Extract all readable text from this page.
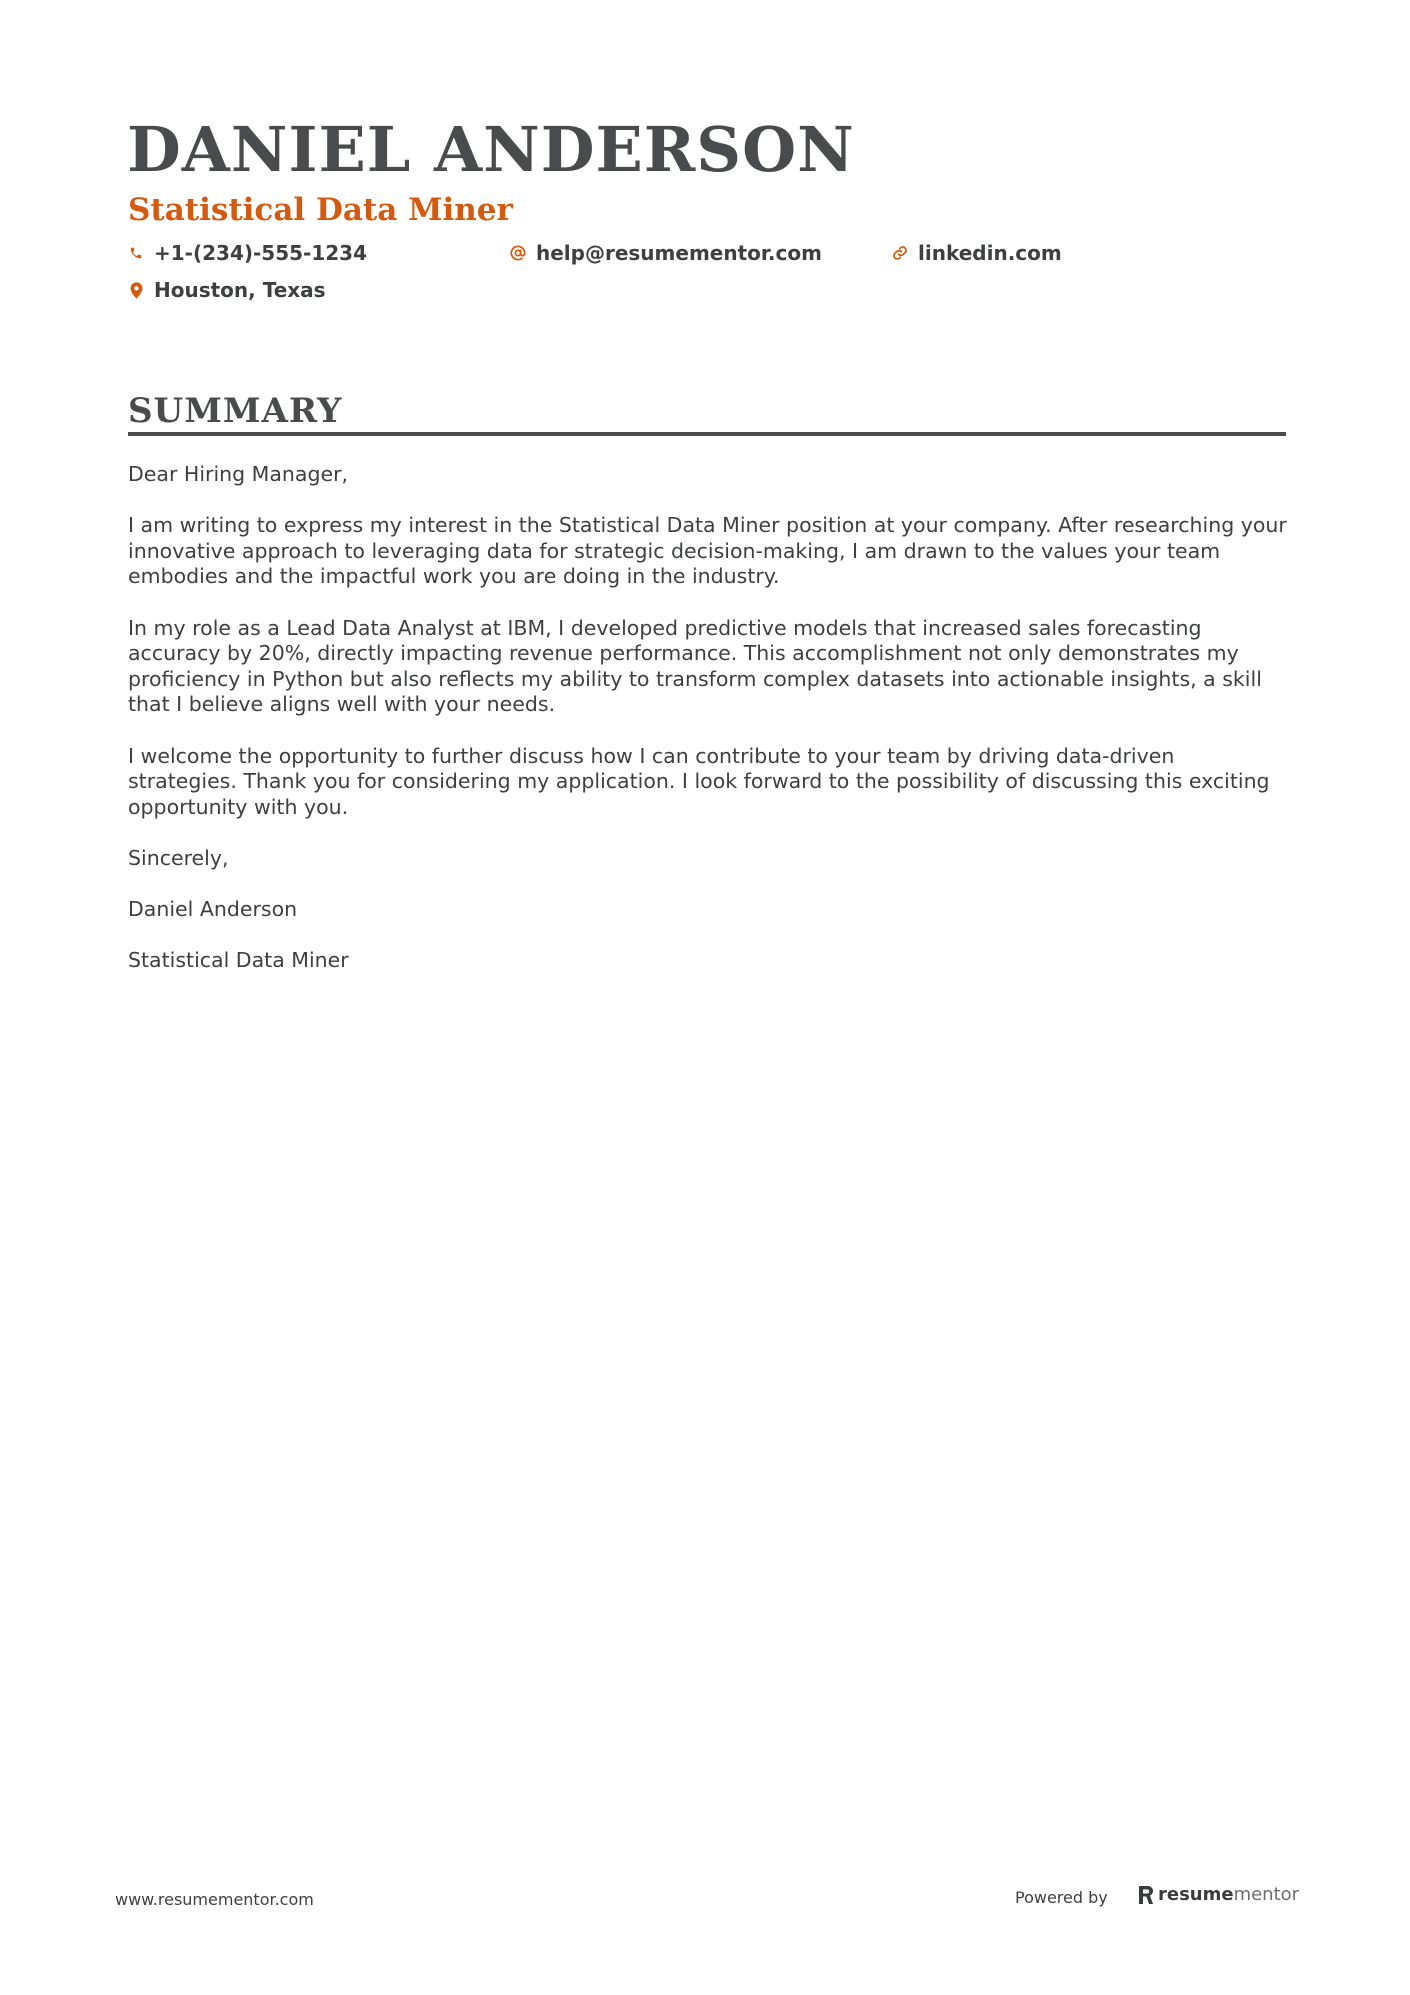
DANIEL ANDERSON
Statistical Data Miner
+1-(234)-555-1234	help@resumementor.com	linkedin.com
Houston, Texas
SUMMARY

Dear Hiring Manager,

I am writing to express my interest in the Statistical Data Miner position at your company. After researching your innovative approach to leveraging data for strategic decision-making, I am drawn to the values your team embodies and the impactful work you are doing in the industry.

In my role as a Lead Data Analyst at IBM, I developed predictive models that increased sales forecasting accuracy by 20%, directly impacting revenue performance. This accomplishment not only demonstrates my proficiency in Python but also reflects my ability to transform complex datasets into actionable insights, a skill that I believe aligns well with your needs.

I welcome the opportunity to further discuss how I can contribute to your team by driving data-driven strategies. Thank you for considering my application. I look forward to the possibility of discussing this exciting opportunity with you.

Sincerely,

Daniel Anderson

Statistical Data Miner

www.resumementor.com	Powered by	resume mentor
